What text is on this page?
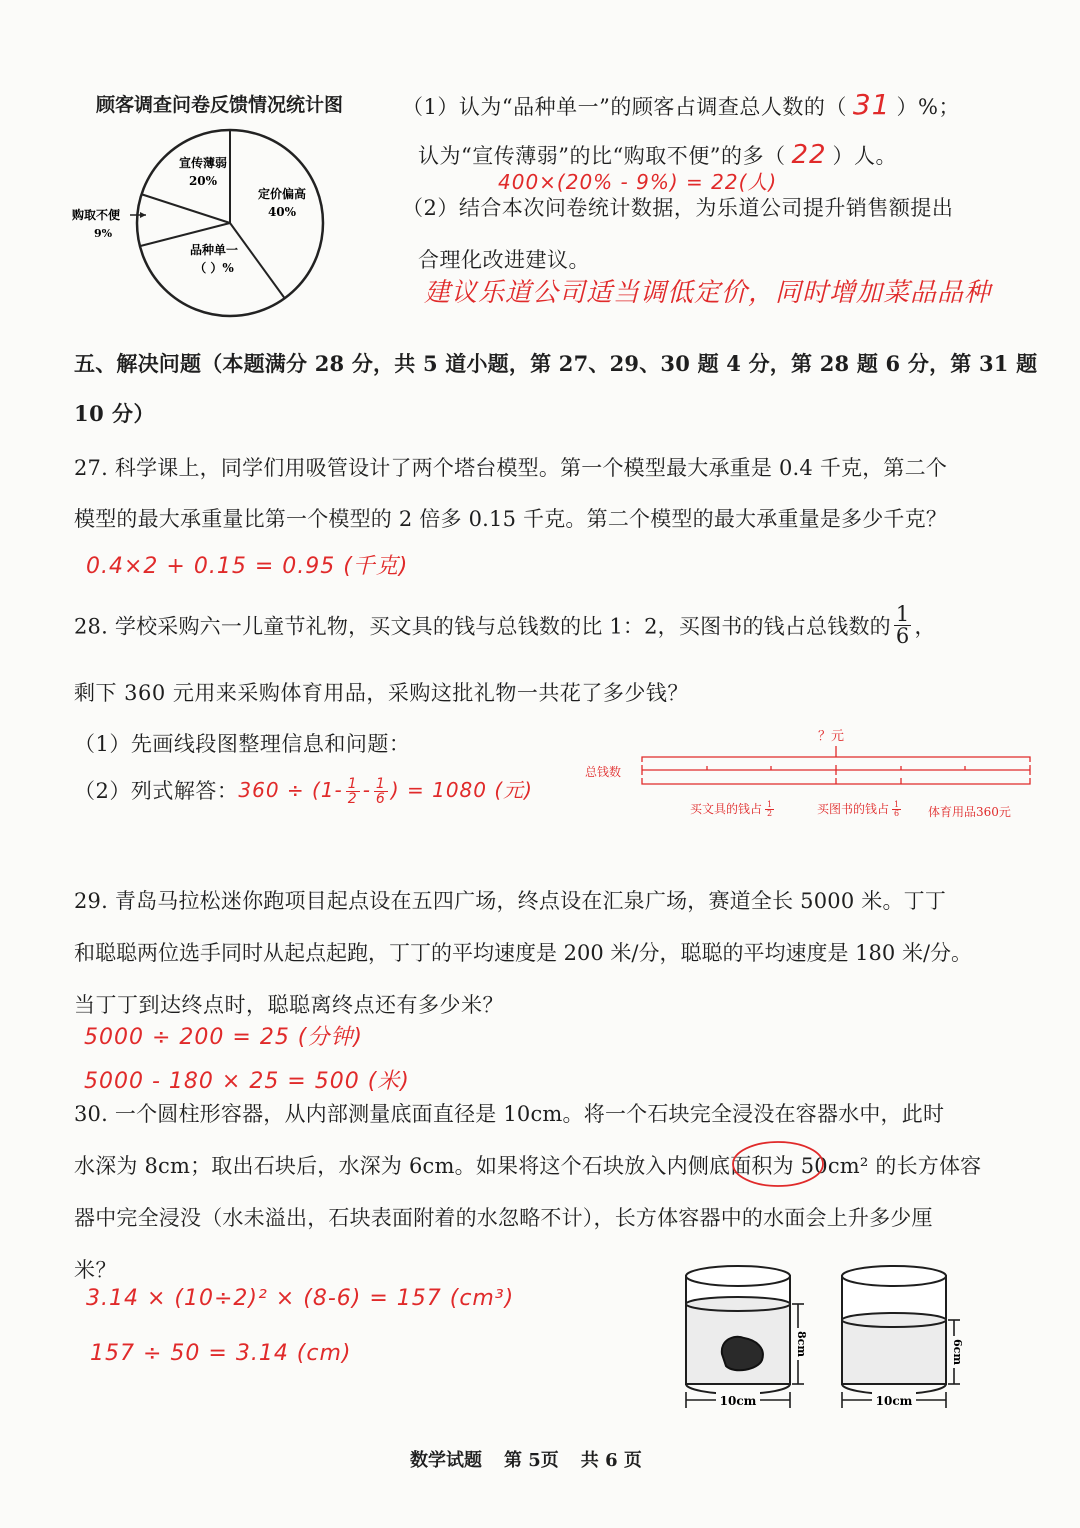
顾客调查问卷反馈情况统计图
宣传薄弱
20%
定价偏高
40%
品种单一
（ ）%
购取不便
9%
（1）认为“品种单一”的顾客占调查总人数的（ 31 ）%；
认为“宣传薄弱”的比“购取不便”的多（ 22 ）人。
400×(20% - 9%) = 22(人)
（2）结合本次问卷统计数据，为乐道公司提升销售额提出
合理化改进建议。
建议乐道公司适当调低定价，同时增加菜品品种
五、解决问题（本题满分 28 分，共 5 道小题，第 27、29、30 题 4 分，第 28 题 6 分，第 31 题
10 分）
27. 科学课上，同学们用吸管设计了两个塔台模型。第一个模型最大承重是 0.4 千克，第二个
模型的最大承重量比第一个模型的 2 倍多 0.15 千克。第二个模型的最大承重量是多少千克？
0.4×2 + 0.15 = 0.95 (千克)
28. 学校采购六一儿童节礼物，买文具的钱与总钱数的比 1：2，买图书的钱占总钱数的 $\frac{1}{6}$ ，
剩下 360 元用来采购体育用品，采购这批礼物一共花了多少钱？
（1）先画线段图整理信息和问题：
（2）列式解答：$360 \div (1- \frac{1}{2} - \frac{1}{6}$ ) = 1080 (元)
？元
总钱数
买文具的钱占 $\frac{1}{2}$	买图书的钱占 $\frac{1}{6}$ 体育用品360元
29. 青岛马拉松迷你跑项目起点设在五四广场，终点设在汇泉广场，赛道全长 5000 米。丁丁
和聪聪两位选手同时从起点起跑，丁丁的平均速度是 200 米/分，聪聪的平均速度是 180 米/分。
当丁丁到达终点时，聪聪离终点还有多少米？
5000 ÷ 200 = 25 (分钟)
5000 - 180 × 25 = 500 (米)
30. 一个圆柱形容器，从内部测量底面直径是 10cm。将一个石块完全浸没在容器水中，此时
水深为 8cm；取出石块后，水深为 6cm。如果将这个石块放入内侧底面积为 50cm² 的长方体容
器中完全浸没（水未溢出，石块表面附着的水忽略不计），长方体容器中的水面会上升多少厘
米？
3.14 × (10÷2)² × (8-6) = 157 (cm³)
157 ÷ 50 = 3.14 (cm)
10cm	10cm
8cm	6cm
数学试题 第 5页 共 6 页
